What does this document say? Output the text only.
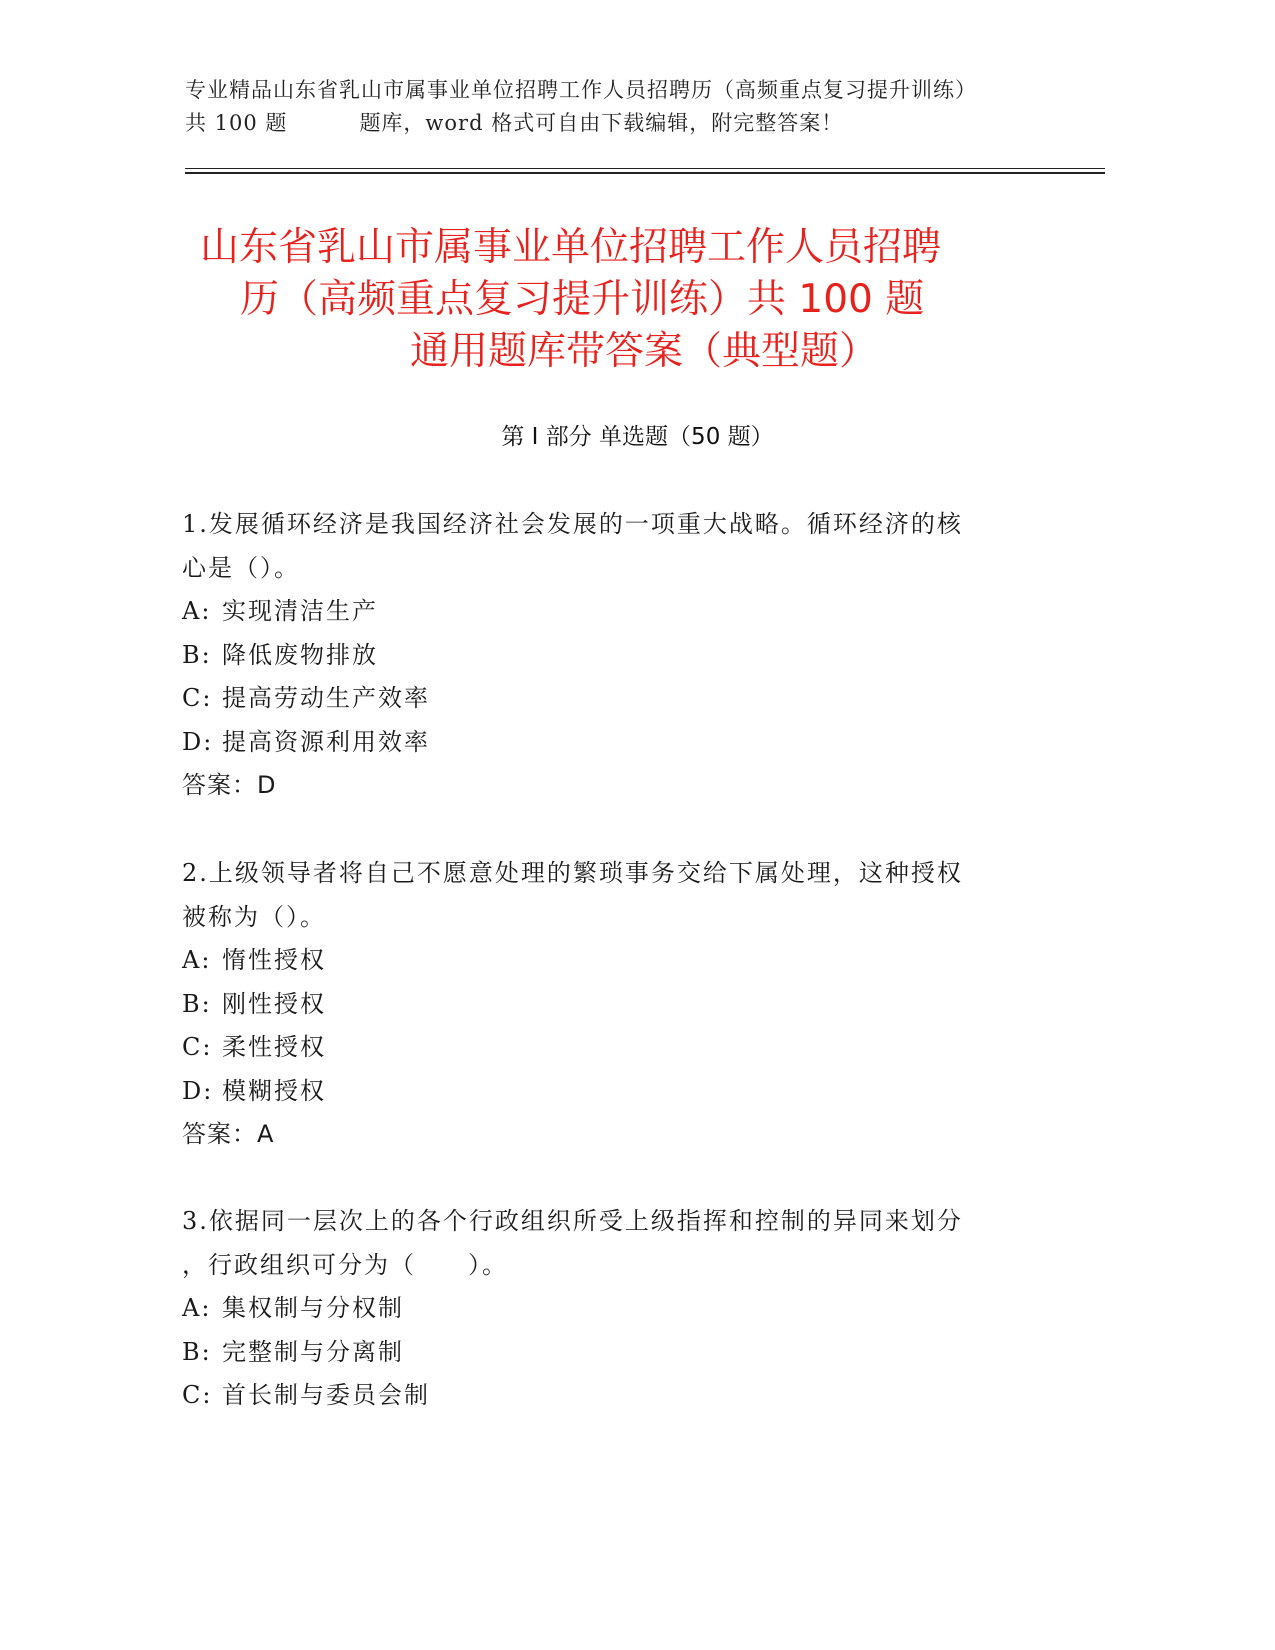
专业精品山东省乳山市属事业单位招聘工作人员招聘历（高频重点复习提升训练）
共 100 题	题库，word 格式可自由下载编辑，附完整答案！
山东省乳山市属事业单位招聘工作人员招聘
历（高频重点复习提升训练）共 100 题
通用题库带答案（典型题）
第 I 部分 单选题（50 题）
1.发展循环经济是我国经济社会发展的一项重大战略。循环经济的核
心是（）。
A: 实现清洁生产
B: 降低废物排放
C: 提高劳动生产效率
D: 提高资源利用效率
答案：D
2.上级领导者将自己不愿意处理的繁琐事务交给下属处理，这种授权
被称为（）。
A: 惰性授权
B: 刚性授权
C: 柔性授权
D: 模糊授权
答案：A
3.依据同一层次上的各个行政组织所受上级指挥和控制的异同来划分
，行政组织可分为（　　）。
A: 集权制与分权制
B: 完整制与分离制
C: 首长制与委员会制
